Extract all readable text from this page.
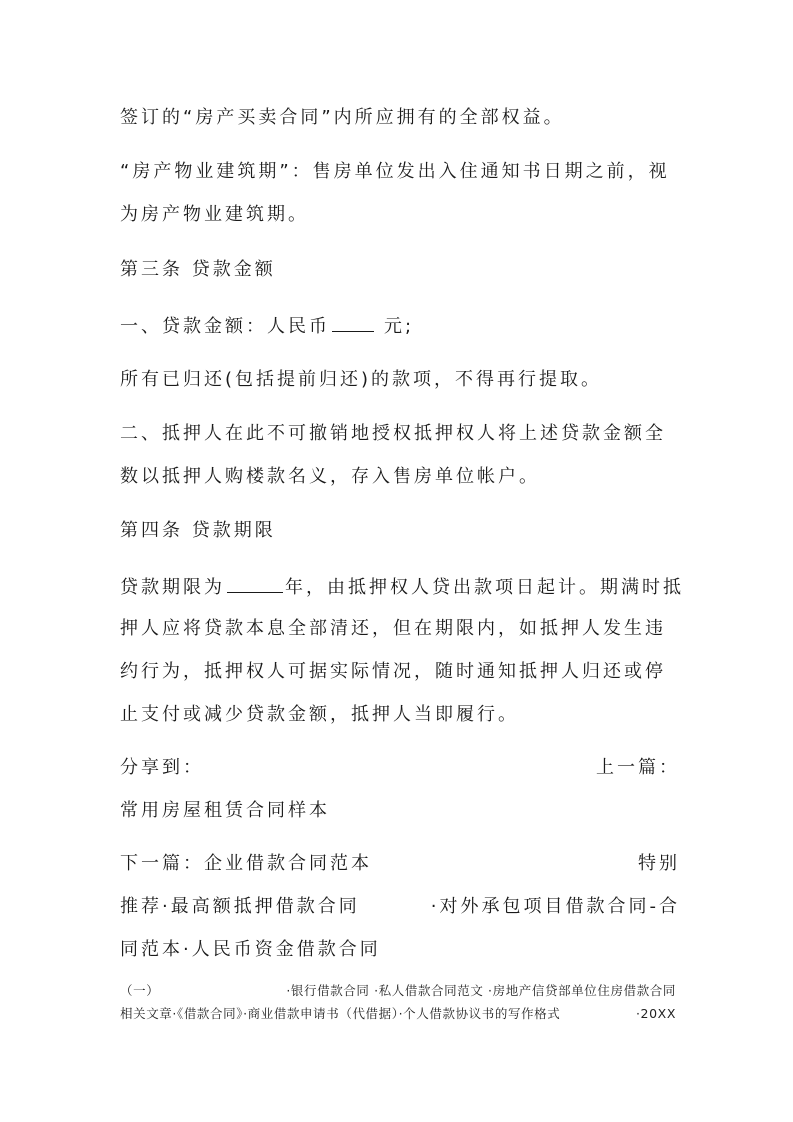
签订的“房产买卖合同”内所应拥有的全部权益。
“房产物业建筑期”：售房单位发出入住通知书日期之前，视
为房产物业建筑期。
第三条 贷款金额
一、贷款金额：人民币	元;
所有已归还(包括提前归还)的款项，不得再行提取。
二、抵押人在此不可撤销地授权抵押权人将上述贷款金额全
数以抵押人购楼款名义，存入售房单位帐户。
第四条 贷款期限
贷款期限为	年，由抵押权人贷出款项日起计。期满时抵
押人应将贷款本息全部清还，但在期限内，如抵押人发生违
约行为，抵押权人可据实际情况，随时通知抵押人归还或停
止支付或减少贷款金额，抵押人当即履行。
分享到：	上一篇：
常用房屋租赁合同样本
下一篇：企业借款合同范本	特别
推荐·最高额抵押借款合同	·对外承包项目借款合同-合
同范本·人民币资金借款合同
（一）	·银行借款合同 ·私人借款合同范文 ·房地产信贷部单位住房借款合同
相关文章·《借款合同》·商业借款申请书（代借据）·个人借款协议书的写作格式	·20XX
